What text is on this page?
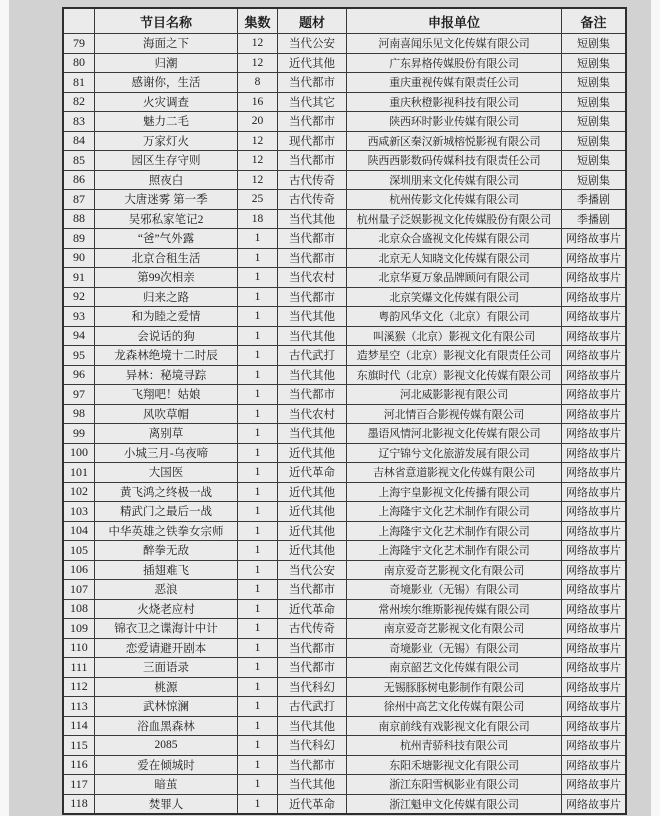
	节目名称	集数	题材	申报单位	备注
79	海面之下	12	当代公安	河南喜闻乐见文化传媒有限公司	短剧集
80	归潮	12	近代其他	广东昇格传媒股份有限公司	短剧集
81	感谢你，生活	8	当代都市	重庆重视传媒有限责任公司	短剧集
82	火灾调查	16	当代其它	重庆秋橙影视科技有限公司	短剧集
83	魅力二毛	20	当代都市	陕西环时影业传媒有限公司	短剧集
84	万家灯火	12	现代都市	西咸新区秦汉新城榕悦影视有限公司	短剧集
85	园区生存守则	12	当代都市	陕西西影数码传媒科技有限责任公司	短剧集
86	照夜白	12	古代传奇	深圳朋来文化传媒有限公司	短剧集
87	大唐迷雾 第一季	25	古代传奇	杭州传影文化传媒有限公司	季播剧
88	吴邪私家笔记2	18	当代其他	杭州量子泛娱影视文化传媒股份有限公司	季播剧
89	“爸”气外露	1	当代都市	北京众合盛视文化传媒有限公司	网络故事片
90	北京合租生活	1	当代都市	北京无人知晓文化传媒有限公司	网络故事片
91	第99次相亲	1	当代农村	北京华夏万象品牌顾问有限公司	网络故事片
92	归来之路	1	当代都市	北京笑爆文化传媒有限公司	网络故事片
93	和为睦之爱情	1	当代其他	粤韵风华文化（北京）有限公司	网络故事片
94	会说话的狗	1	当代其他	叫溪猴（北京）影视文化有限公司	网络故事片
95	龙森林绝境十二时辰	1	古代武打	造梦星空（北京）影视文化有限责任公司	网络故事片
96	异林：秘境寻踪	1	当代其他	东旗时代（北京）影视文化传媒有限公司	网络故事片
97	飞翔吧！姑娘	1	当代都市	河北威影影视有限公司	网络故事片
98	风吹草帽	1	当代农村	河北情百合影视传媒有限公司	网络故事片
99	离别草	1	当代其他	墨语风情河北影视文化传媒有限公司	网络故事片
100	小城三月-乌夜啼	1	近代其他	辽宁锦兮文化旅游发展有限公司	网络故事片
101	大国医	1	近代革命	吉林省意道影视文化传媒有限公司	网络故事片
102	黄飞鸿之终极一战	1	近代其他	上海宇皇影视文化传播有限公司	网络故事片
103	精武门之最后一战	1	近代其他	上海隆宇文化艺术制作有限公司	网络故事片
104	中华英雄之铁拳女宗师	1	近代其他	上海隆宇文化艺术制作有限公司	网络故事片
105	醉拳无敌	1	近代其他	上海隆宇文化艺术制作有限公司	网络故事片
106	插翅难飞	1	当代公安	南京爱奇艺影视文化有限公司	网络故事片
107	恶浪	1	当代都市	奇境影业（无锡）有限公司	网络故事片
108	火烧老应村	1	近代革命	常州埃尔维斯影视传媒有限公司	网络故事片
109	锦衣卫之谍海计中计	1	古代传奇	南京爱奇艺影视文化有限公司	网络故事片
110	恋爱请避开剧本	1	当代都市	奇境影业（无锡）有限公司	网络故事片
111	三面语录	1	当代都市	南京韶艺文化传媒有限公司	网络故事片
112	桃源	1	当代科幻	无锡豚豚树电影制作有限公司	网络故事片
113	武林惊澜	1	古代武打	徐州中高艺文化传媒有限公司	网络故事片
114	浴血黑森林	1	当代其他	南京前线有戏影视文化有限公司	网络故事片
115	2085	1	当代科幻	杭州青骄科技有限公司	网络故事片
116	爱在倾城时	1	当代都市	东阳禾塘影视文化有限公司	网络故事片
117	暗茧	1	当代其他	浙江东阳雪枫影业有限公司	网络故事片
118	焚罪人	1	近代革命	浙江魁申文化传媒有限公司	网络故事片
